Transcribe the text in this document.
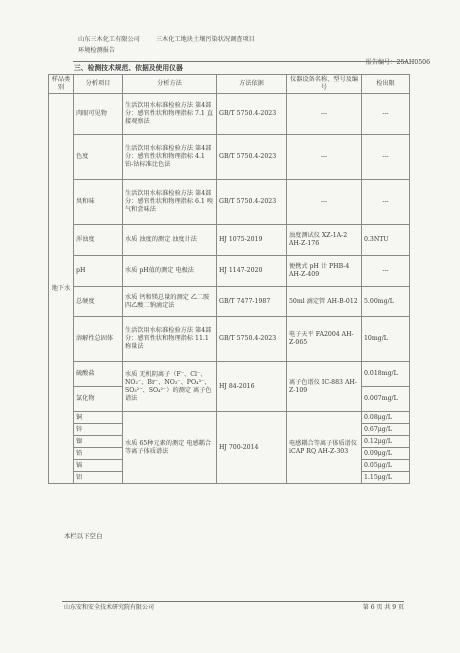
山东三木化工有限公司	三木化工地块土壤污染状况调查项目
环境检测报告
报告编号：25AH0506
三、检测技术规范、依据及使用仪器
样品类别	分析项目	分析方法	方法依据	仪器设备名称、型号及编号	检出限
地下水	肉眼可见物	生活饮用水标准检验方法 第4部分：感官性状和物理指标 7.1 直接观察法	GB/T 5750.4-2023	---	---
	色度	生活饮用水标准检验方法 第4部分：感官性状和物理指标 4.1 铂-钴标准比色法	GB/T 5750.4-2023	---	---
	臭和味	生活饮用水标准检验方法 第4部分：感官性状和物理指标 6.1 嗅气和尝味法	GB/T 5750.4-2023	---	---
	浑浊度	水质 浊度的测定 浊度计法	HJ 1075-2019	浊度测试仪 XZ-1A-2 AH-Z-176	0.3NTU
	pH	水质 pH值的测定 电极法	HJ 1147-2020	便携式 pH 计 PHB-4 AH-Z-409	---
	总硬度	水质 钙和镁总量的测定 乙二胺四乙酸二钠滴定法	GB/T 7477-1987	50ml 滴定管 AH-B-012	5.00mg/L
	溶解性总固体	生活饮用水标准检验方法 第4部分：感官性状和物理指标 11.1 称量法	GB/T 5750.4-2023	电子天平 FA2004 AH-Z-065	10mg/L
	硫酸盐	水质 无机阴离子（F⁻、Cl⁻、NO₂⁻、Br⁻、NO₃⁻、PO₄³⁻、SO₃²⁻、SO₄²⁻）的测定 离子色谱法	HJ 84-2016	离子色谱仪 IC-883 AH-Z-109	0.018mg/L
	氯化物				0.007mg/L
	铜	水质 65种元素的测定 电感耦合等离子体质谱法	HJ 700-2014	电感耦合等离子体质谱仪 iCAP RQ AH-Z-303	0.08μg/L
	锌				0.67μg/L
	镍				0.12μg/L
	铅				0.09μg/L
	镉				0.05μg/L
	铝				1.15μg/L
本栏以下空白
山东安和安全技术研究院有限公司	第 6 页 共 9 页
